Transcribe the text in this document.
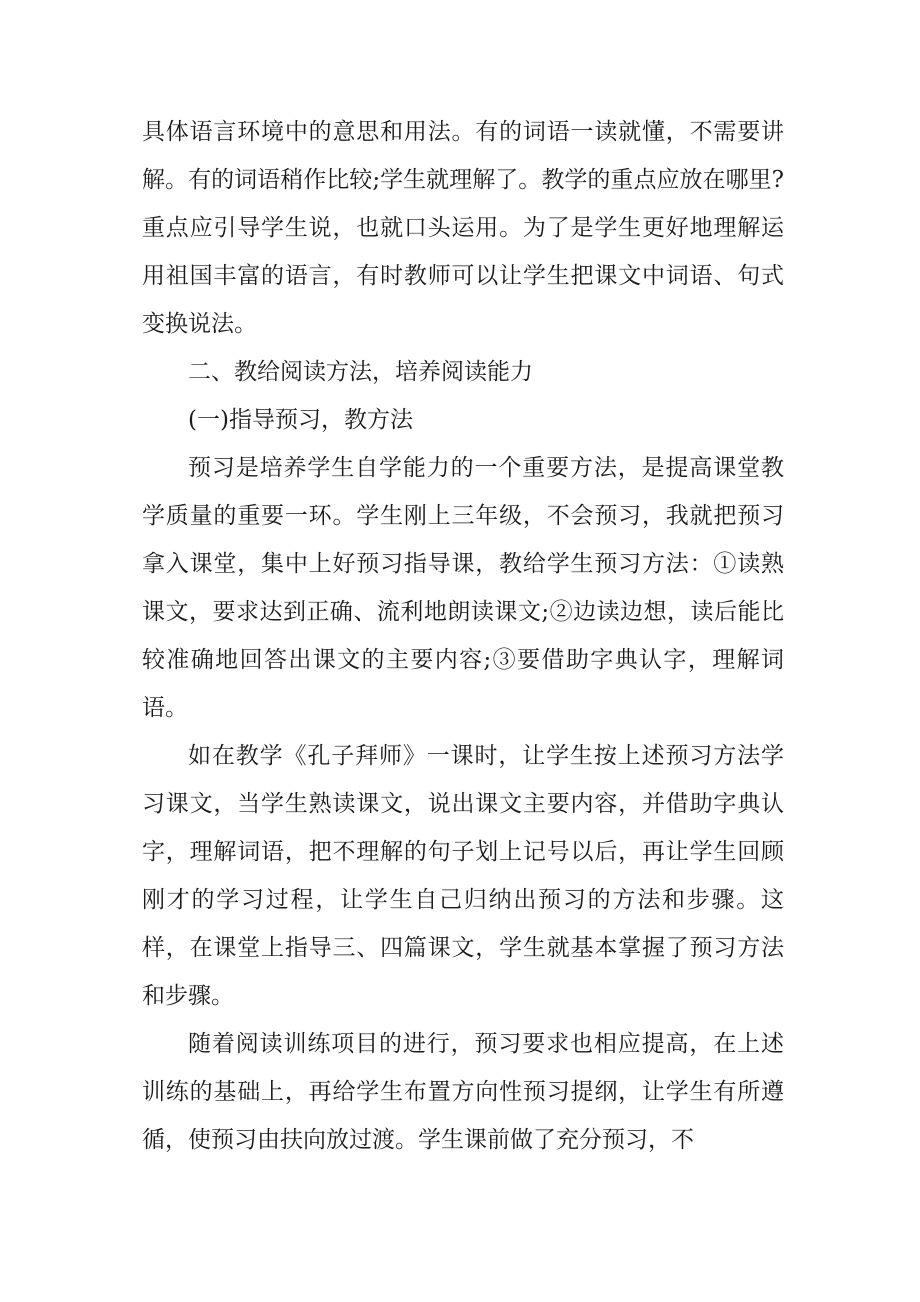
具体语言环境中的意思和用法。有的词语一读就懂，不需要讲解。有的词语稍作比较;学生就理解了。教学的重点应放在哪里?重点应引导学生说，也就口头运用。为了是学生更好地理解运用祖国丰富的语言，有时教师可以让学生把课文中词语、句式变换说法。

二、教给阅读方法，培养阅读能力

(一)指导预习，教方法

预习是培养学生自学能力的一个重要方法，是提高课堂教学质量的重要一环。学生刚上三年级，不会预习，我就把预习拿入课堂，集中上好预习指导课，教给学生预习方法：①读熟课文，要求达到正确、流利地朗读课文;②边读边想，读后能比较准确地回答出课文的主要内容;③要借助字典认字，理解词语。

如在教学《孔子拜师》一课时，让学生按上述预习方法学习课文，当学生熟读课文，说出课文主要内容，并借助字典认字，理解词语，把不理解的句子划上记号以后，再让学生回顾刚才的学习过程，让学生自己归纳出预习的方法和步骤。这样，在课堂上指导三、四篇课文，学生就基本掌握了预习方法和步骤。

随着阅读训练项目的进行，预习要求也相应提高，在上述训练的基础上，再给学生布置方向性预习提纲，让学生有所遵循，使预习由扶向放过渡。学生课前做了充分预习，不
